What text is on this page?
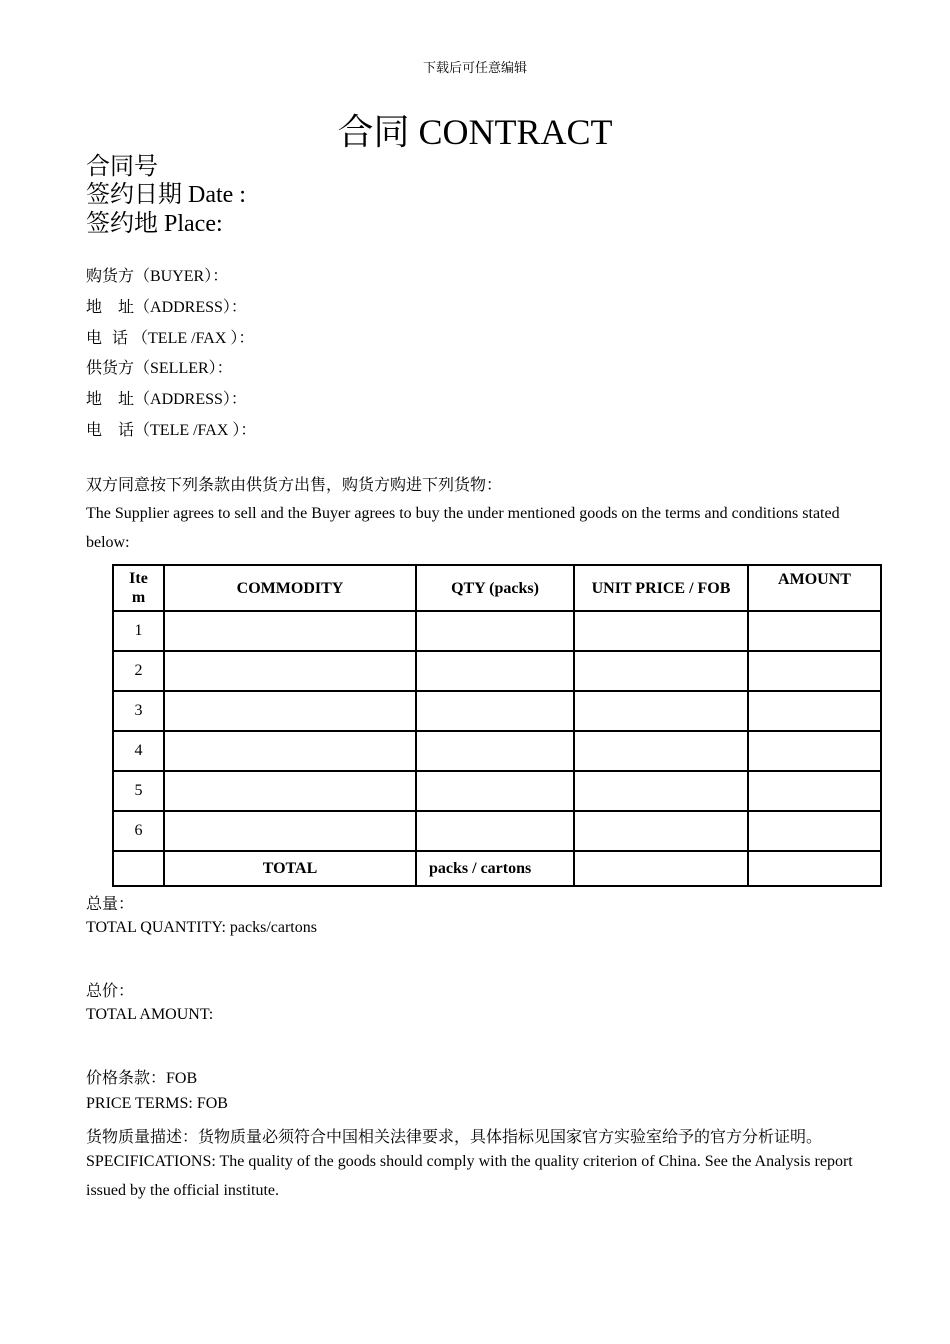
下载后可任意编辑
合同 CONTRACT
合同号
签约日期 Date :
签约地 Place:
购货方（BUYER）：
地 址（ADDRESS）：
电 话 （TELE /FAX ）：
供货方（SELLER）：
地 址（ADDRESS）：
电 话（TELE /FAX ）：
双方同意按下列条款由供货方出售，购货方购进下列货物：
The Supplier agrees to sell and the Buyer agrees to buy the under mentioned goods on the terms and conditions stated below:
Ite
m	COMMODITY	QTY (packs)	UNIT PRICE / FOB	AMOUNT
1				
2				
3				
4				
5				
6				
	TOTAL	packs / cartons		
总量：
TOTAL QUANTITY: packs/cartons
总价：
TOTAL AMOUNT:
价格条款：FOB
PRICE TERMS: FOB
货物质量描述：货物质量必须符合中国相关法律要求，具体指标见国家官方实验室给予的官方分析证明。
SPECIFICATIONS: The quality of the goods should comply with the quality criterion of China. See the Analysis report issued by the official institute.
